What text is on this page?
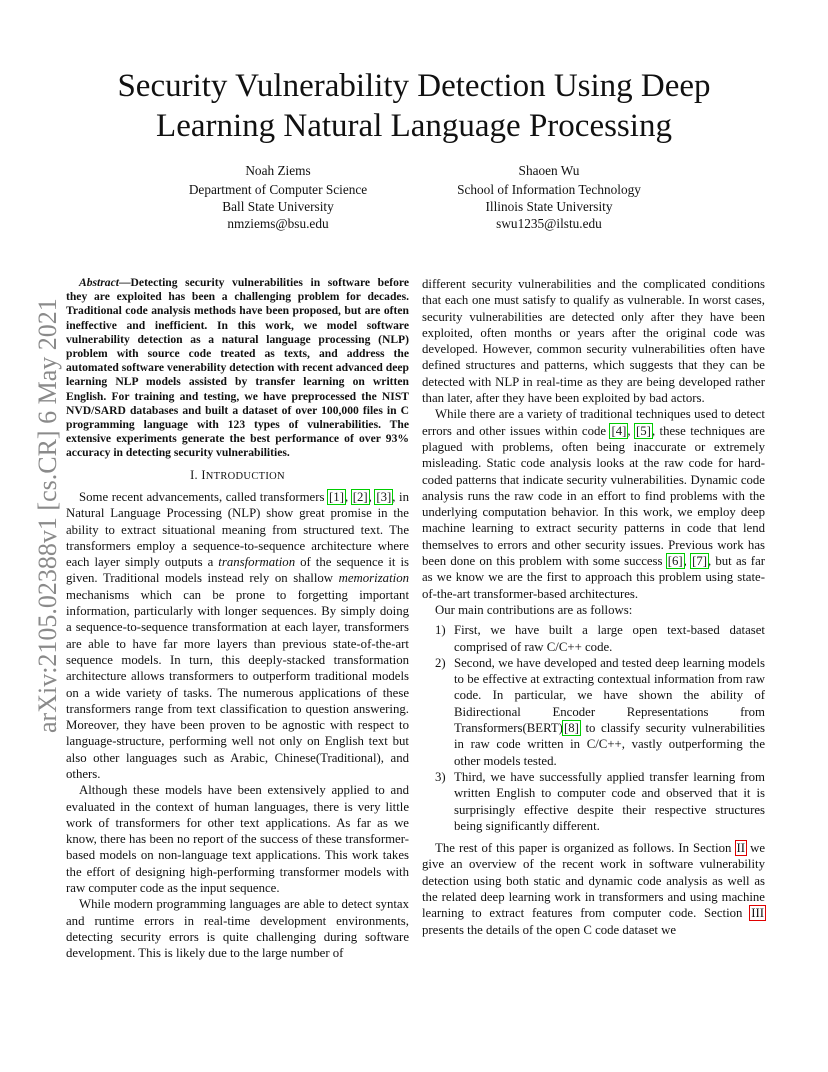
arXiv:2105.02388v1 [cs.CR] 6 May 2021
Security Vulnerability Detection Using Deep Learning Natural Language Processing
Noah Ziems
Department of Computer Science
Ball State University
nmziems@bsu.edu
Shaoen Wu
School of Information Technology
Illinois State University
swu1235@ilstu.edu

Abstract—Detecting security vulnerabilities in software before they are exploited has been a challenging problem for decades. Traditional code analysis methods have been proposed, but are often ineffective and inefficient. In this work, we model software vulnerability detection as a natural language processing (NLP) problem with source code treated as texts, and address the automated software venerability detection with recent advanced deep learning NLP models assisted by transfer learning on written English. For training and testing, we have preprocessed the NIST NVD/SARD databases and built a dataset of over 100,000 files in C programming language with 123 types of vulnerabilities. The extensive experiments generate the best performance of over 93% accuracy in detecting security vulnerabilities.

I. INTRODUCTION

Some recent advancements, called transformers [1], [2], [3], in Natural Language Processing (NLP) show great promise in the ability to extract situational meaning from structured text. The transformers employ a sequence-to-sequence architecture where each layer simply outputs a transformation of the sequence it is given. Traditional models instead rely on shallow memorization mechanisms which can be prone to forgetting important information, particularly with longer sequences. By simply doing a sequence-to-sequence transformation at each layer, transformers are able to have far more layers than previous state-of-the-art sequence models. In turn, this deeply-stacked transformation architecture allows transformers to outperform traditional models on a wide variety of tasks. The numerous applications of these transformers range from text classification to question answering. Moreover, they have been proven to be agnostic with respect to language-structure, performing well not only on English text but also other languages such as Arabic, Chinese(Traditional), and others.

Although these models have been extensively applied to and evaluated in the context of human languages, there is very little work of transformers for other text applications. As far as we know, there has been no report of the success of these transformer-based models on non-language text applications. This work takes the effort of designing high-performing transformer models with raw computer code as the input sequence.

While modern programming languages are able to detect syntax and runtime errors in real-time development environments, detecting security errors is quite challenging during software development. This is likely due to the large number of

different security vulnerabilities and the complicated conditions that each one must satisfy to qualify as vulnerable. In worst cases, security vulnerabilities are detected only after they have been exploited, often months or years after the original code was developed. However, common security vulnerabilities often have defined structures and patterns, which suggests that they can be detected with NLP in real-time as they are being developed rather than later, after they have been exploited by bad actors.

While there are a variety of traditional techniques used to detect errors and other issues within code [4], [5], these techniques are plagued with problems, often being inaccurate or extremely misleading. Static code analysis looks at the raw code for hard-coded patterns that indicate security vulnerabilities. Dynamic code analysis runs the raw code in an effort to find problems with the underlying computation behavior. In this work, we employ deep machine learning to extract security patterns in code that lend themselves to errors and other security issues. Previous work has been done on this problem with some success [6], [7], but as far as we know we are the first to approach this problem using state-of-the-art transformer-based architectures.

Our main contributions are as follows:

1) First, we have built a large open text-based dataset comprised of raw C/C++ code.
2) Second, we have developed and tested deep learning models to be effective at extracting contextual information from raw code. In particular, we have shown the ability of Bidirectional Encoder Representations from Transformers(BERT)[8] to classify security vulnerabilities in raw code written in C/C++, vastly outperforming the other models tested.
3) Third, we have successfully applied transfer learning from written English to computer code and observed that it is surprisingly effective despite their respective structures being significantly different.

The rest of this paper is organized as follows. In Section II we give an overview of the recent work in software vulnerability detection using both static and dynamic code analysis as well as the related deep learning work in transformers and using machine learning to extract features from computer code. Section III presents the details of the open C code dataset we
